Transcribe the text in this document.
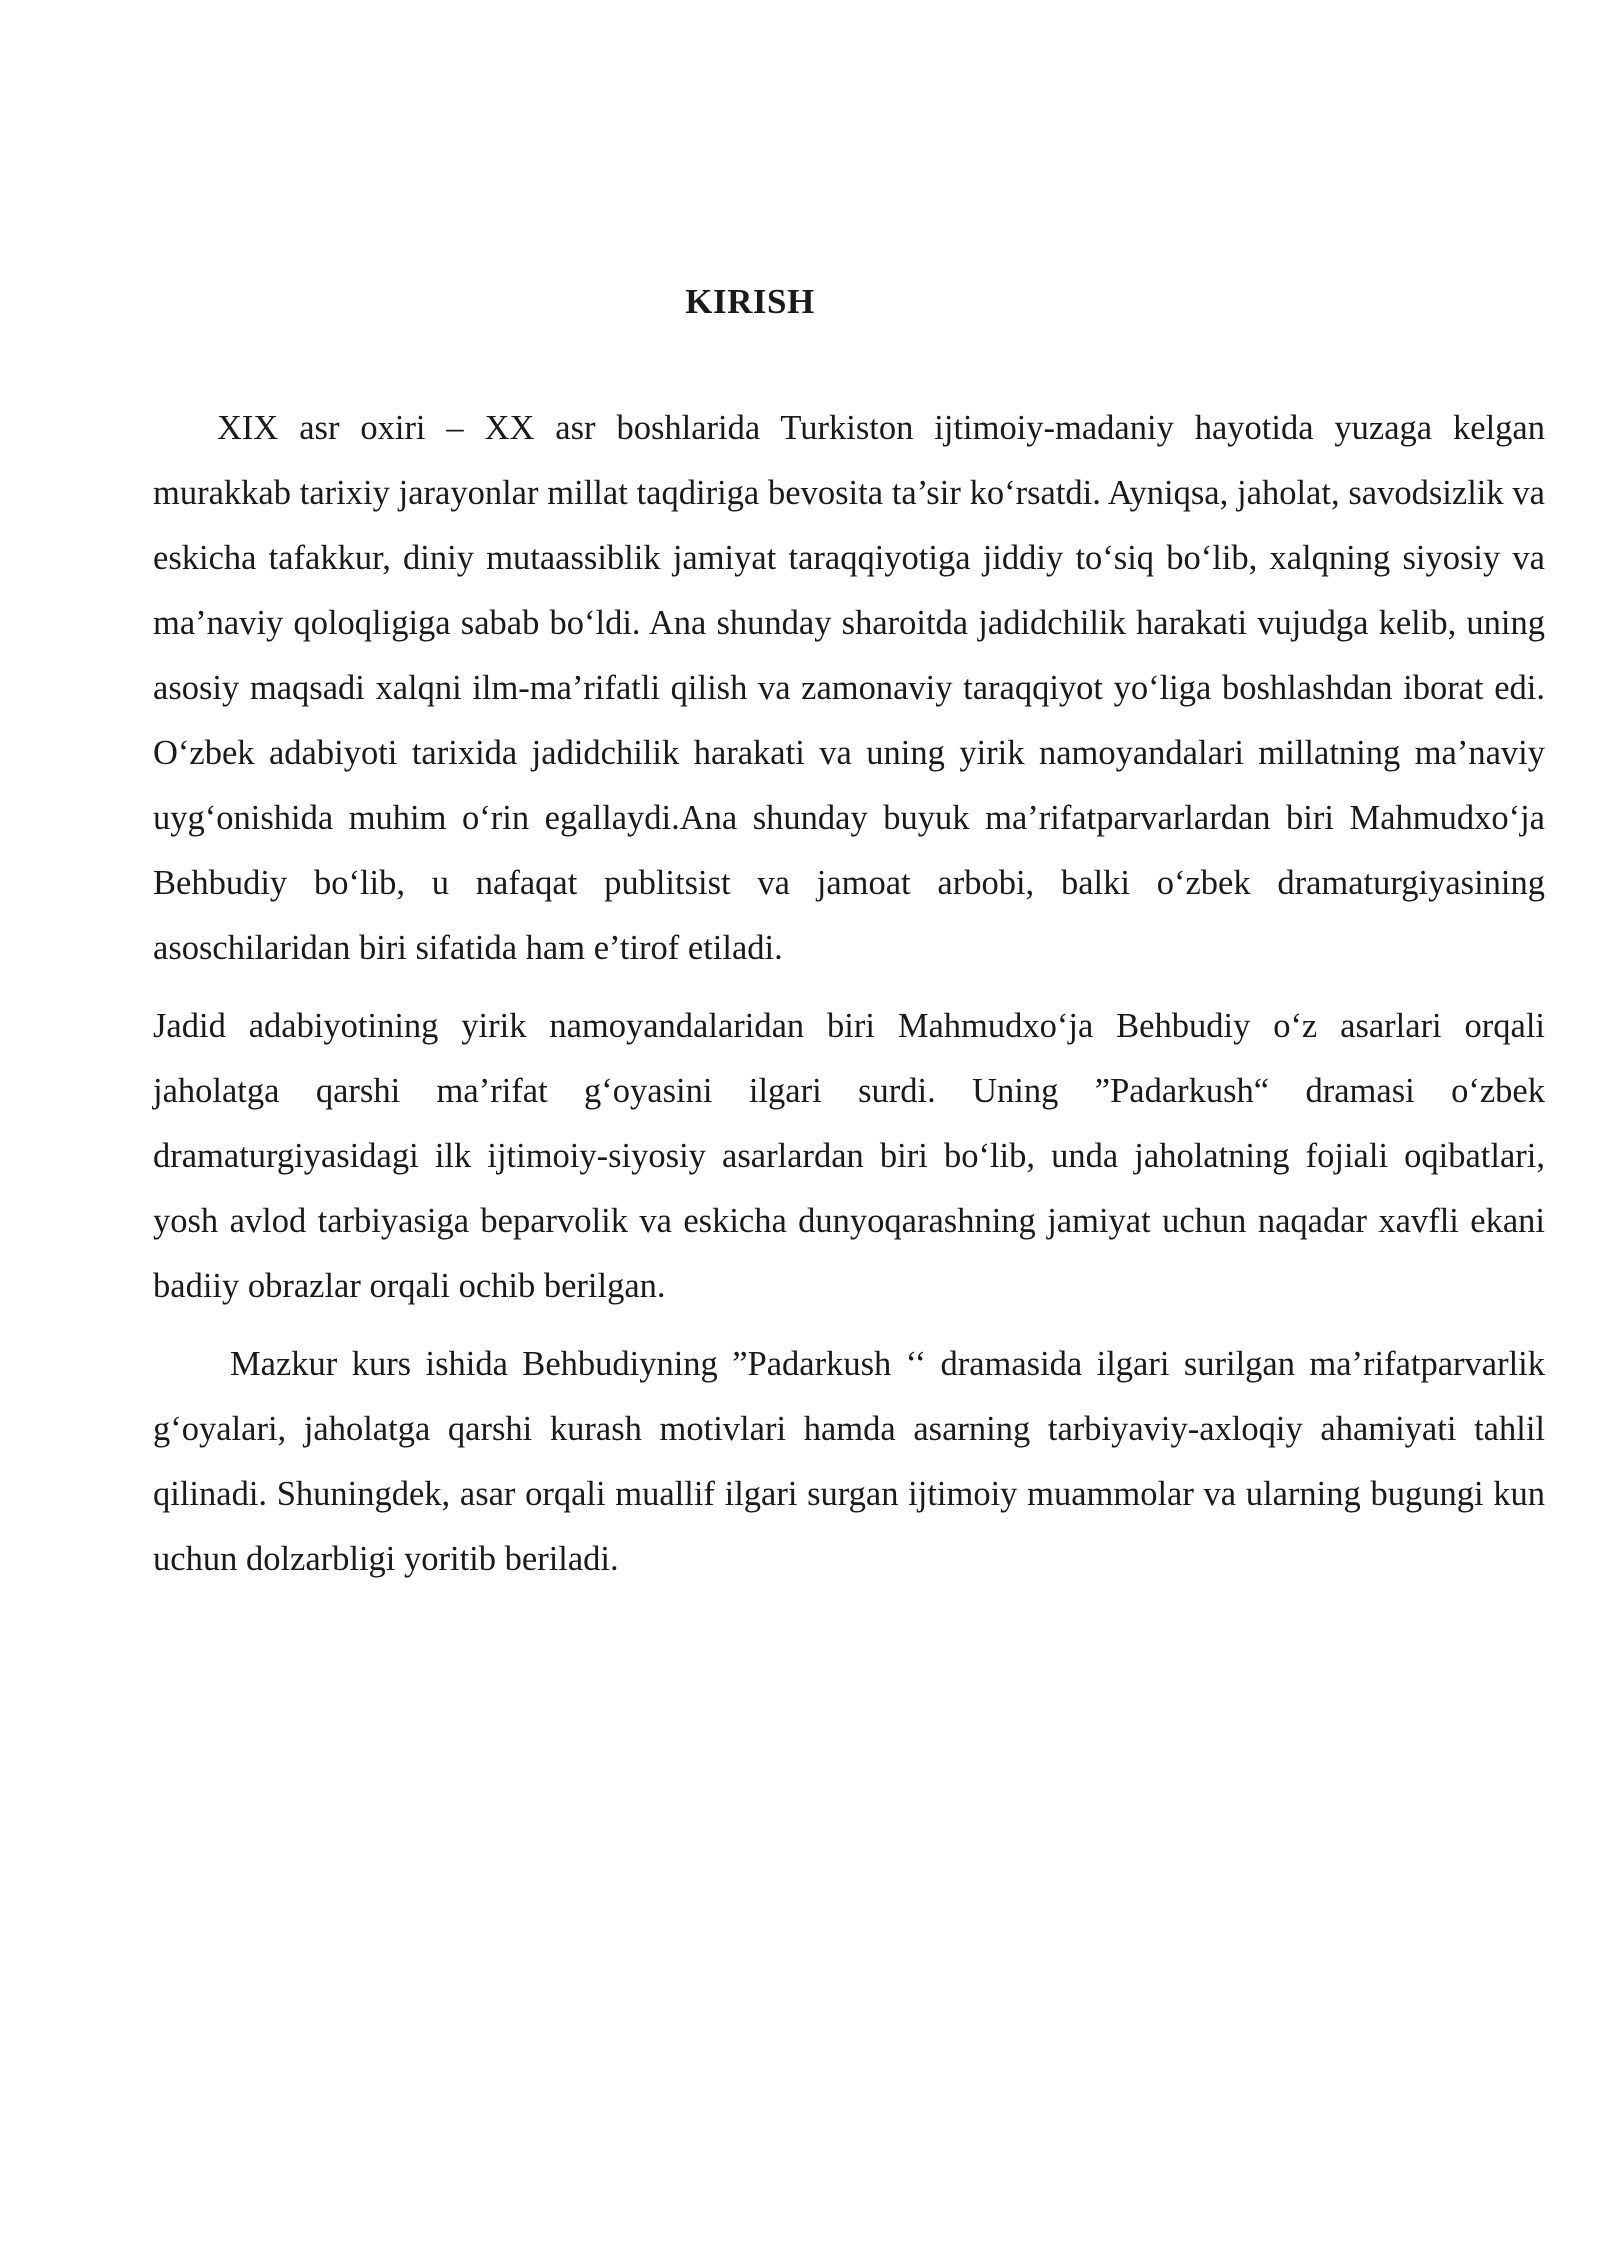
KIRISH

XIX asr oxiri – XX asr boshlarida Turkiston ijtimoiy-madaniy hayotida yuzaga kelgan murakkab tarixiy jarayonlar millat taqdiriga bevosita ta’sir ko‘rsatdi. Ayniqsa, jaholat, savodsizlik va eskicha tafakkur, diniy mutaassiblik jamiyat taraqqiyotiga jiddiy to‘siq bo‘lib, xalqning siyosiy va ma’naviy qoloqligiga sabab bo‘ldi. Ana shunday sharoitda jadidchilik harakati vujudga kelib, uning asosiy maqsadi xalqni ilm-ma’rifatli qilish va zamonaviy taraqqiyot yo‘liga boshlashdan iborat edi. O‘zbek adabiyoti tarixida jadidchilik harakati va uning yirik namoyandalari millatning ma’naviy uyg‘onishida muhim o‘rin egallaydi.Ana shunday buyuk ma’rifatparvarlardan biri Mahmudxo‘ja Behbudiy bo‘lib, u nafaqat publitsist va jamoat arbobi, balki o‘zbek dramaturgiyasining asoschilaridan biri sifatida ham e’tirof etiladi.

Jadid adabiyotining yirik namoyandalaridan biri Mahmudxo‘ja Behbudiy o‘z asarlari orqali jaholatga qarshi ma’rifat g‘oyasini ilgari surdi. Uning ”Padarkush“ dramasi o‘zbek dramaturgiyasidagi ilk ijtimoiy-siyosiy asarlardan biri bo‘lib, unda jaholatning fojiali oqibatlari, yosh avlod tarbiyasiga beparvolik va eskicha dunyoqarashning jamiyat uchun naqadar xavfli ekani badiiy obrazlar orqali ochib berilgan.

Mazkur kurs ishida Behbudiyning ”Padarkush ‘‘ dramasida ilgari surilgan ma’rifatparvarlik g‘oyalari, jaholatga qarshi kurash motivlari hamda asarning tarbiyaviy-axloqiy ahamiyati tahlil qilinadi. Shuningdek, asar orqali muallif ilgari surgan ijtimoiy muammolar va ularning bugungi kun uchun dolzarbligi yoritib beriladi.
